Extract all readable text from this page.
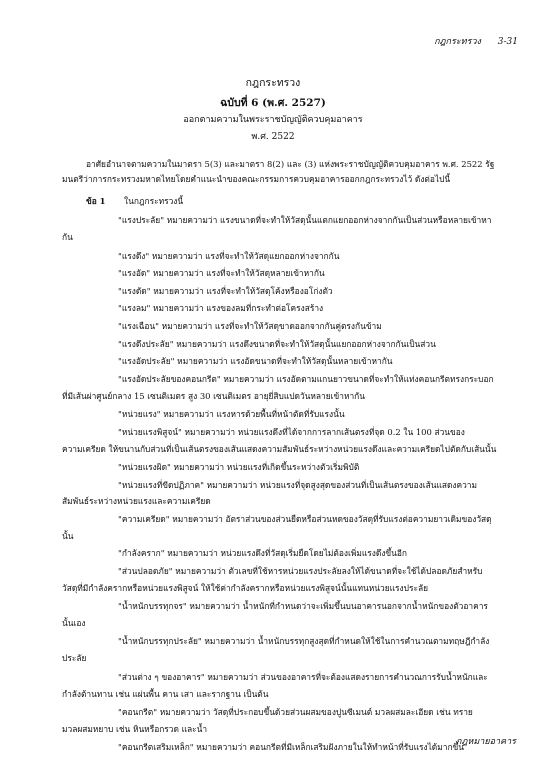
กฎกระทรวง 3-31
กฎกระทรวง
ฉบับที่ 6 (พ.ศ. 2527)
ออกตามความในพระราชบัญญัติควบคุมอาคาร
พ.ศ. 2522
อาศัยอำนาจตามความในมาตรา 5(3) และมาตรา 8(2) และ (3) แห่งพระราชบัญญัติควบคุมอาคาร พ.ศ. 2522 รัฐ
มนตรีว่าการกระทรวงมหาดไทยโดยคำแนะนำของคณะกรรมการควบคุมอาคารออกกฎกระทรวงไว้ ดังต่อไปนี้
ข้อ 1 ในกฎกระทรวงนี้
"แรงประลัย" หมายความว่า แรงขนาดที่จะทำให้วัสดุนั้นแตกแยกออกห่างจากกันเป็นส่วนหรือหลายเข้าหา
กัน
"แรงดึง" หมายความว่า แรงที่จะทำให้วัสดุแยกออกห่างจากกัน
"แรงอัด" หมายความว่า แรงที่จะทำให้วัสดุหลายเข้าหากัน
"แรงดัด" หมายความว่า แรงที่จะทำให้วัสดุโค้งหรืองอโก่งตัว
"แรงลม" หมายความว่า แรงของลมที่กระทำต่อโครงสร้าง
"แรงเฉือน" หมายความว่า แรงที่จะทำให้วัสดุขาดออกจากกันคู่ตรงกันข้าม
"แรงดึงประลัย" หมายความว่า แรงดึงขนาดที่จะทำให้วัสดุนั้นแยกออกห่างจากกันเป็นส่วน
"แรงอัดประลัย" หมายความว่า แรงอัดขนาดที่จะทำให้วัสดุนั้นหลายเข้าหากัน
"แรงอัดประลัยของคอนกรีต" หมายความว่า แรงอัดตามแกนยาวขนาดที่จะทำให้แท่งคอนกรีตทรงกระบอก
ที่มีเส้นผ่าศูนย์กลาง 15 เซนติเมตร สูง 30 เซนติเมตร อายุยี่สิบแปดวันหลายเข้าหากัน
"หน่วยแรง" หมายความว่า แรงหารด้วยพื้นที่หน้าตัดที่รับแรงนั้น
"หน่วยแรงพิสูจน์" หมายความว่า หน่วยแรงดึงที่ได้จากการลากเส้นตรงที่จุด 0.2 ใน 100 ส่วนของ
ความเครียด ให้ขนานกับส่วนที่เป็นเส้นตรงของเส้นแสดงความสัมพันธ์ระหว่างหน่วยแรงดึงและความเครียดไปตัดกับเส้นนั้น
"หน่วยแรงผิด" หมายความว่า หน่วยแรงที่เกิดขึ้นระหว่างตัวเริ่มพิบัติ
"หน่วยแรงที่ขีดปฏิภาค" หมายความว่า หน่วยแรงที่จุดสูงสุดของส่วนที่เป็นเส้นตรงของเส้นแสดงความ
สัมพันธ์ระหว่างหน่วยแรงและความเครียด
"ความเครียด" หมายความว่า อัตราส่วนของส่วนยืดหรือส่วนหดของวัสดุที่รับแรงต่อความยาวเดิมของวัสดุ
นั้น
"กำลังคราก" หมายความว่า หน่วยแรงดึงที่วัสดุเริ่มยืดโดยไม่ต้องเพิ่มแรงดึงขึ้นอีก
"ส่วนปลอดภัย" หมายความว่า ตัวเลขที่ใช้หารหน่วยแรงประลัยลงให้ได้ขนาดที่จะใช้ได้ปลอดภัยสำหรับ
วัสดุที่มีกำลังครากหรือหน่วยแรงพิสูจน์ ให้ใช้ค่ากำลังครากหรือหน่วยแรงพิสูจน์นั้นแทนหน่วยแรงประลัย
"น้ำหนักบรรทุกจร" หมายความว่า น้ำหนักที่กำหนดว่าจะเพิ่มขึ้นบนอาคารนอกจากน้ำหนักของตัวอาคาร
นั้นเอง
"น้ำหนักบรรทุกประลัย" หมายความว่า น้ำหนักบรรทุกสูงสุดที่กำหนดให้ใช้ในการคำนวณตามทฤษฎีกำลัง
ประลัย
"ส่วนต่าง ๆ ของอาคาร" หมายความว่า ส่วนของอาคารที่จะต้องแสดงรายการคำนวณการรับน้ำหนักและ
กำลังต้านทาน เช่น แผ่นพื้น คาน เสา และรากฐาน เป็นต้น
"คอนกรีต" หมายความว่า วัสดุที่ประกอบขึ้นด้วยส่วนผสมของปูนซีเมนต์ มวลผสมละเอียด เช่น ทราย
มวลผสมหยาบ เช่น หินหรือกรวด และน้ำ
"คอนกรีตเสริมเหล็ก" หมายความว่า คอนกรีตที่มีเหล็กเสริมฝังภายในให้ทำหน้าที่รับแรงได้มากขึ้น
กฎหมายอาคาร
